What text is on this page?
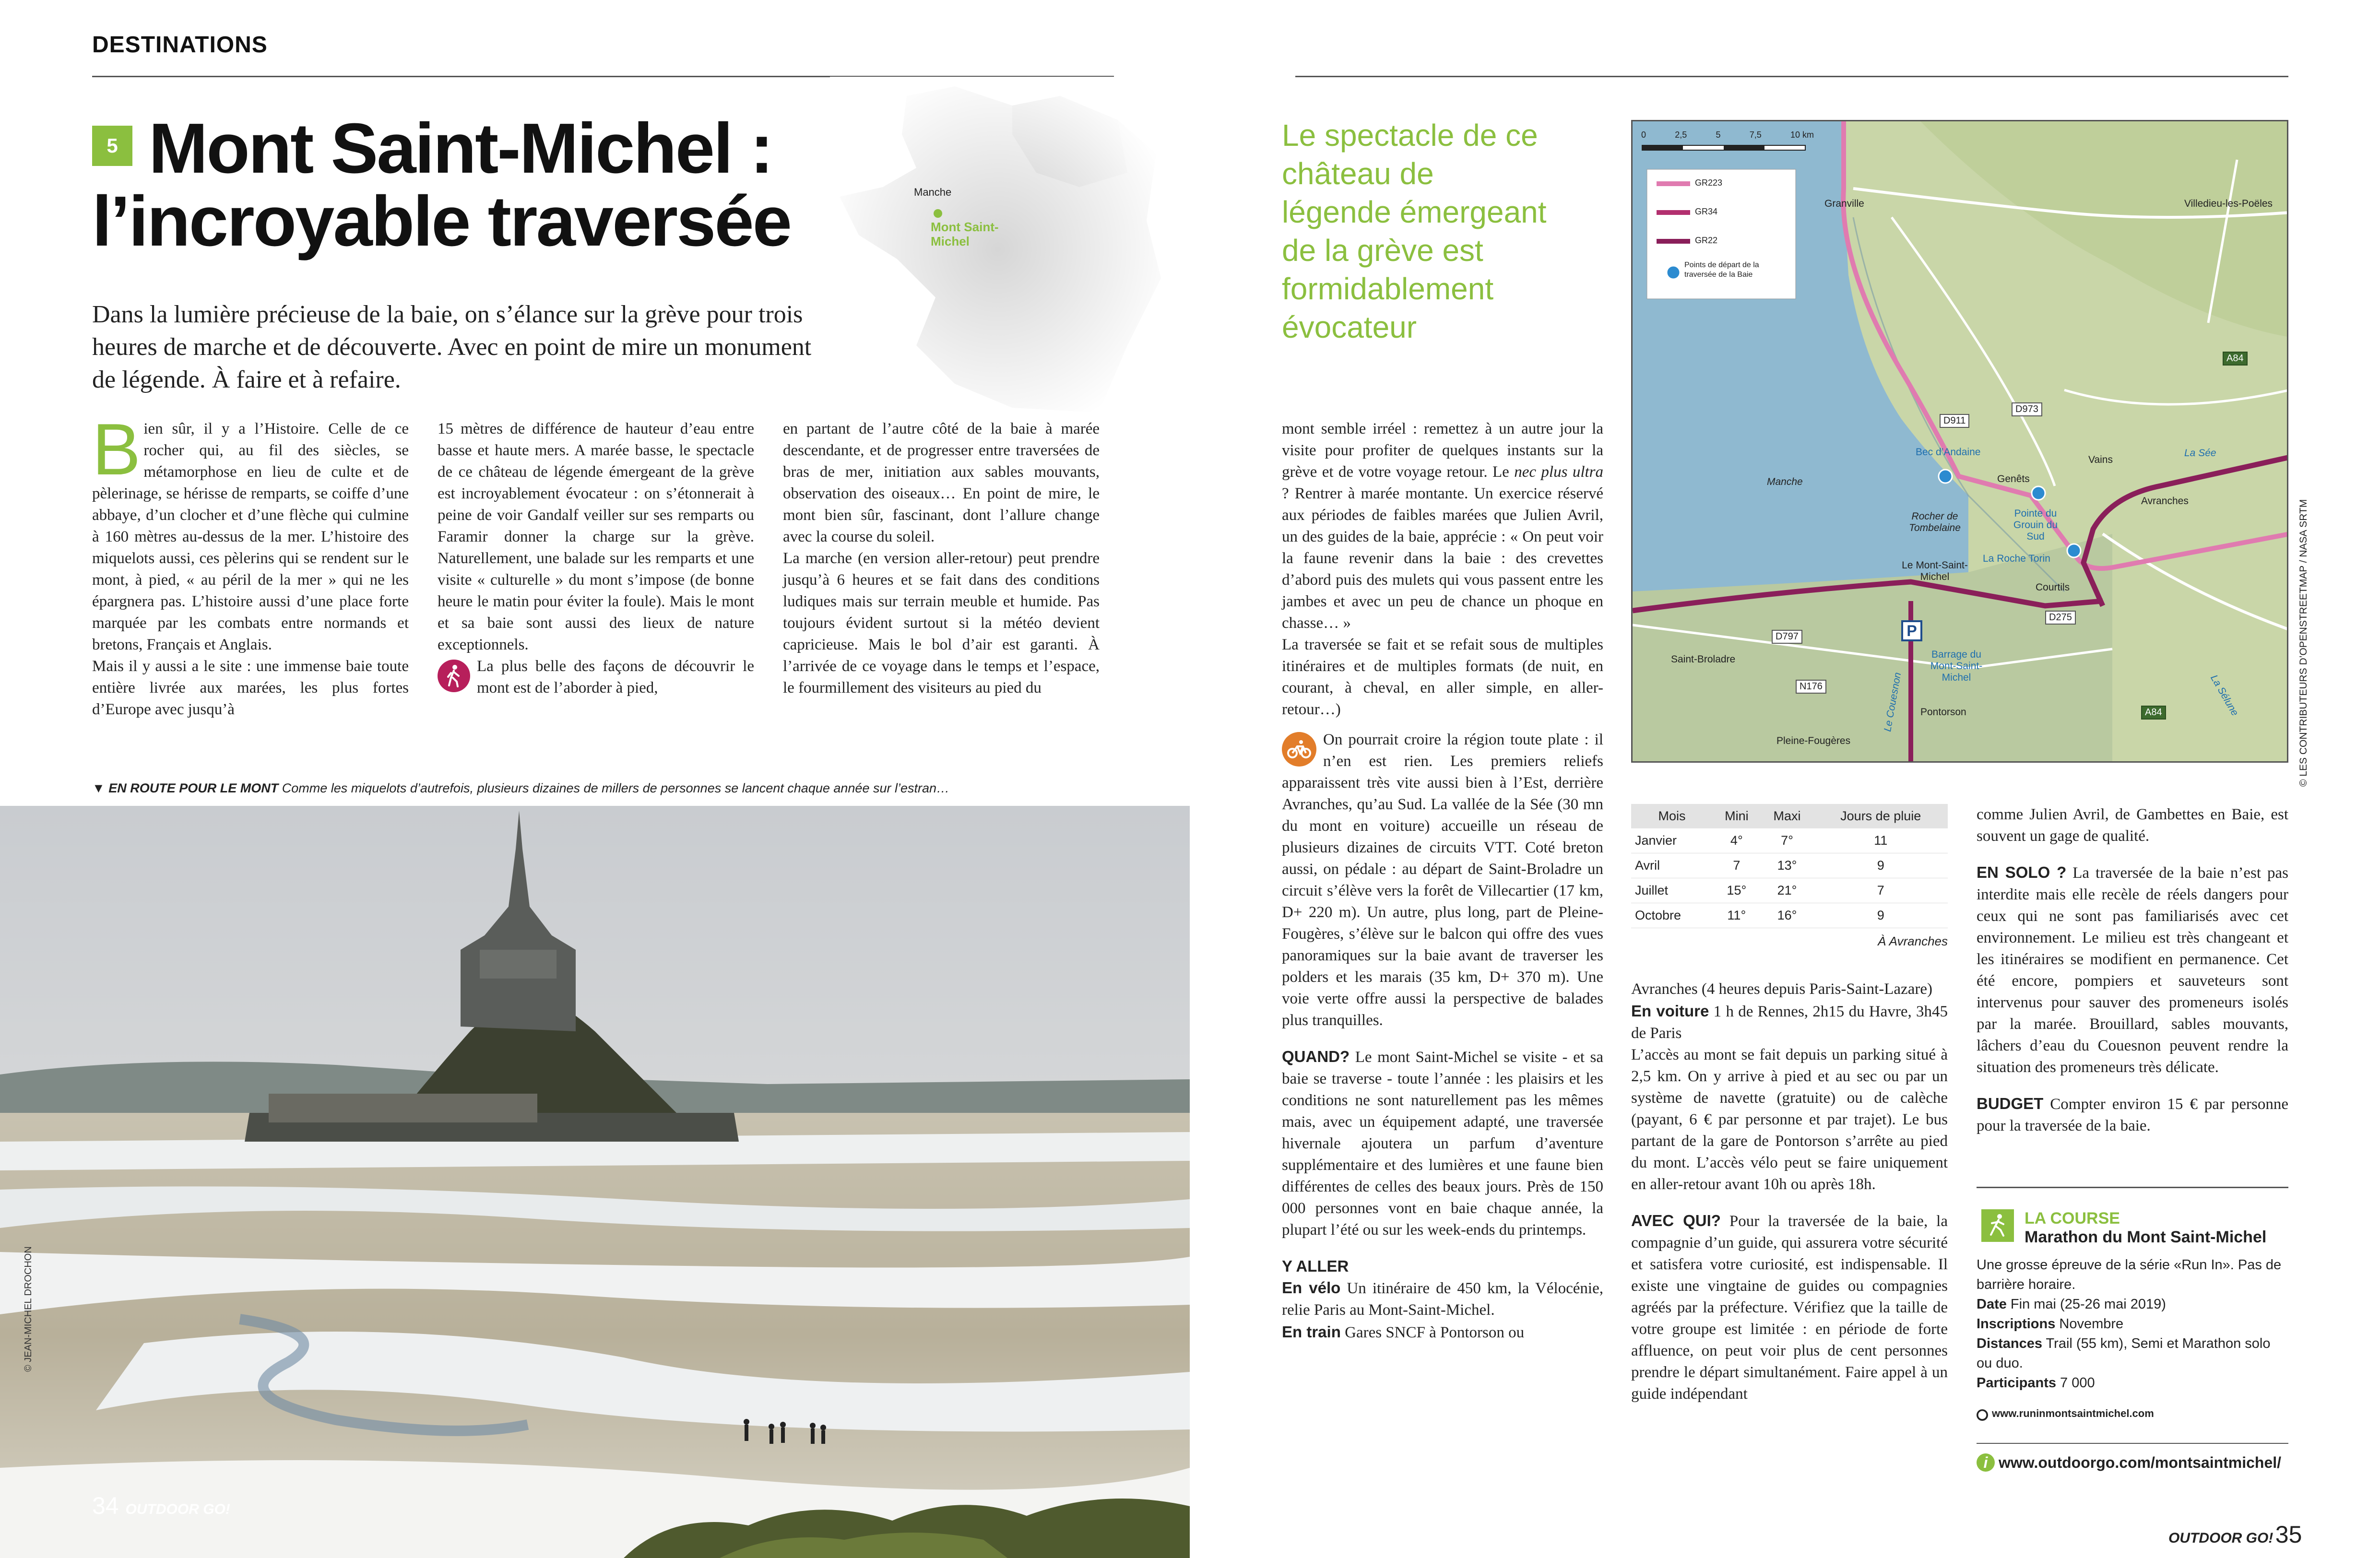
DESTINATIONS
Manche
Mont Saint-Michel
5 Mont Saint-Michel :
l’incroyable traversée
Dans la lumière précieuse de la baie, on s’élance sur la grève pour trois heures de marche et de découverte. Avec en point de mire un monument de légende. À faire et à refaire.

Bien sûr, il y a l’Histoire. Celle de ce rocher qui, au fil des siècles, se métamorphose en lieu de culte et de pèlerinage, se hérisse de remparts, se coiffe d’une abbaye, d’un clocher et d’une flèche qui culmine à 160 mètres au-dessus de la mer. L’histoire des miquelots aussi, ces pèlerins qui se rendent sur le mont, à pied, « au péril de la mer » qui ne les épargnera pas. L’histoire aussi d’une place forte marquée par les combats entre normands et bretons, Français et Anglais.

Mais il y aussi a le site : une immense baie toute entière livrée aux marées, les plus fortes d’Europe avec jusqu’à

15 mètres de différence de hauteur d’eau entre basse et haute mers. A marée basse, le spectacle de ce château de légende émergeant de la grève est incroyablement évocateur : on s’étonnerait à peine de voir Gandalf veiller sur ses remparts ou Faramir donner la charge sur la grève. Naturellement, une balade sur les remparts et une visite « culturelle » du mont s’impose (de bonne heure le matin pour éviter la foule). Mais le mont et sa baie sont aussi des lieux de nature exceptionnels.

La plus belle des façons de découvrir le mont est de l’aborder à pied,

en partant de l’autre côté de la baie à marée descendante, et de progresser entre traversées de bras de mer, initiation aux sables mouvants, observation des oiseaux… En point de mire, le mont bien sûr, fascinant, dont l’allure change avec la course du soleil.

La marche (en version aller-retour) peut prendre jusqu’à 6 heures et se fait dans des conditions ludiques mais sur terrain meuble et humide. Pas toujours évident surtout si la météo devient capricieuse. Mais le bol d’air est garanti. À l’arrivée de ce voyage dans le temps et l’espace, le fourmillement des visiteurs au pied du

▼ EN ROUTE POUR LE MONT Comme les miquelots d’autrefois, plusieurs dizaines de millers de personnes se lancent chaque année sur l’estran…
© JEAN-MICHEL DROCHON
34 OUTDOOR GO!
Le spectacle de ce château de légende émergeant de la grève est formidablement évocateur
0	2,5	5	7,5	10 km
GR223
GR34
GR22
Points de départ de la traversée de la Baie
Granville	Villedieu-les-Poëles
Manche
Bec d’Andaine
Genêts
Vains
La Sée
Avranches
Rocher de Tombelaine
Pointe du Grouin du Sud
La Roche Torin
Le Mont-Saint-Michel
Courtils
Barrage du Mont-Saint-Michel
Saint-Broladre
Pontorson
Pleine-Fougères
Le Couesnon	La Sélune
P
D911
D973
A84
A84
D797
D275
N176	© LES CONTRIBUTEURS D’OPENSTREETMAP / NASA SRTM

mont semble irréel : remettez à un autre jour la visite pour profiter de quelques instants sur la grève et de votre voyage retour. Le nec plus ultra ? Rentrer à marée montante. Un exercice réservé aux périodes de faibles marées que Julien Avril, un des guides de la baie, apprécie : « On peut voir la faune revenir dans la baie : des crevettes d’abord puis des mulets qui vous passent entre les jambes et avec un peu de chance un phoque en chasse… »

La traversée se fait et se refait sous de multiples itinéraires et de multiples formats (de nuit, en courant, à cheval, en aller simple, en aller-retour…)

On pourrait croire la région toute plate : il n’en est rien. Les premiers reliefs apparaissent très vite aussi bien à l’Est, derrière Avranches, qu’au Sud. La vallée de la Sée (30 mn du mont en voiture) accueille un réseau de plusieurs dizaines de circuits VTT. Coté breton aussi, on pédale : au départ de Saint-Broladre un circuit s’élève vers la forêt de Villecartier (17 km, D+ 220 m). Un autre, plus long, part de Pleine-Fougères, s’élève sur le balcon qui offre des vues panoramiques sur la baie avant de traverser les polders et les marais (35 km, D+ 370 m). Une voie verte offre aussi la perspective de balades plus tranquilles.

QUAND? Le mont Saint-Michel se visite - et sa baie se traverse - toute l’année : les plaisirs et les conditions ne sont naturellement pas les mêmes mais, avec un équipement adapté, une traversée hivernale ajoutera un parfum d’aventure supplémentaire et des lumières et une faune bien différentes de celles des beaux jours. Près de 150 000 personnes vont en baie chaque année, la plupart l’été ou sur les week-ends du printemps.

Y ALLER

En vélo Un itinéraire de 450 km, la Vélocénie, relie Paris au Mont-Saint-Michel.

En train Gares SNCF à Pontorson ou

Mois	Mini	Maxi	Jours de pluie
Janvier	4°	7°	11
Avril	7	13°	9
Juillet	15°	21°	7
Octobre	11°	16°	9
À Avranches

Avranches (4 heures depuis Paris-Saint-Lazare)

En voiture 1 h de Rennes, 2h15 du Havre, 3h45 de Paris

L’accès au mont se fait depuis un parking situé à 2,5 km. On y arrive à pied et au sec ou par un système de navette (gratuite) ou de calèche (payant, 6 € par personne et par trajet). Le bus partant de la gare de Pontorson s’arrête au pied du mont. L’accès vélo peut se faire uniquement en aller-retour avant 10h ou après 18h.

AVEC QUI? Pour la traversée de la baie, la compagnie d’un guide, qui assurera votre sécurité et satisfera votre curiosité, est indispensable. Il existe une vingtaine de guides ou compagnies agréés par la préfecture. Vérifiez que la taille de votre groupe est limitée : en période de forte affluence, on peut voir plus de cent personnes prendre le départ simultanément. Faire appel à un guide indépendant

comme Julien Avril, de Gambettes en Baie, est souvent un gage de qualité.

EN SOLO ? La traversée de la baie n’est pas interdite mais elle recèle de réels dangers pour ceux qui ne sont pas familiarisés avec cet environnement. Le milieu est très changeant et les itinéraires se modifient en permanence. Cet été encore, pompiers et sauveteurs sont intervenus pour sauver des promeneurs isolés par la marée. Brouillard, sables mouvants, lâchers d’eau du Couesnon peuvent rendre la situation des promeneurs très délicate.

BUDGET Compter environ 15 € par personne pour la traversée de la baie.

LA COURSE
Marathon du Mont Saint-Michel
Une grosse épreuve de la série «Run In». Pas de barrière horaire.
Date Fin mai (25-26 mai 2019)
Inscriptions Novembre
Distances Trail (55 km), Semi et Marathon solo ou duo.
Participants 7 000
⬤ www.runinmontsaintmichel.com
i www.outdoorgo.com/montsaintmichel/
OUTDOOR GO! 35
